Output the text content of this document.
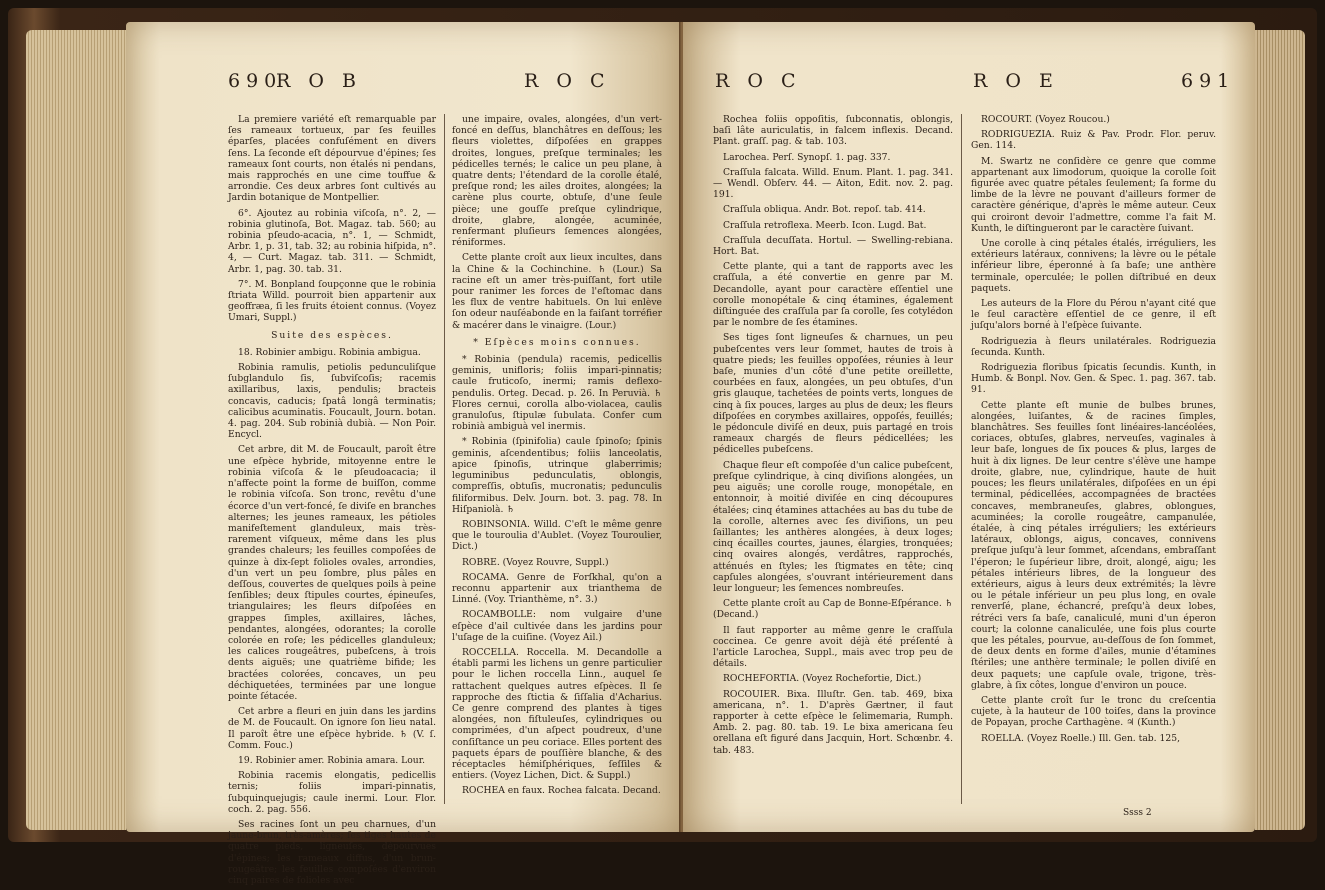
690
R O B	R O C

La premiere variété eſt remarquable par ſes rameaux tortueux, par ſes feuilles éparſes, placées confuſément en divers ſens. La ſeconde eſt dépourvue d'épines; ſes rameaux ſont courts, non étalés ni pendans, mais rapprochés en une cime touffue & arrondie. Ces deux arbres ſont cultivés au Jardin botanique de Montpellier.

6°. Ajoutez au robinia viſcoſa, n°. 2, — robinia glutinoſa, Bot. Magaz. tab. 560; au robinia pſeudo-acacia, n°. 1, — Schmidt, Arbr. 1, p. 31, tab. 32; au robinia hiſpida, n°. 4, — Curt. Magaz. tab. 311. — Schmidt, Arbr. 1, pag. 30. tab. 31.

7°. M. Bonpland ſoupçonne que le robinia ſtriata Willd. pourroit bien appartenir aux geoffræa, ſi les fruits étoient connus. (Voyez Umari, Suppl.)

Suite des espèces.

18. Robinier ambigu. Robinia ambigua.

Robinia ramulis, petiolis pedunculiſque ſubglandulo ſis, ſubviſcoſis; racemis axillaribus, laxis, pendulis; bracteis concavis, caducis; ſpatâ longâ terminatis; calicibus acuminatis. Foucault, Journ. botan. 4. pag. 204. Sub robinià dubià. — Non Poir. Encycl.

Cet arbre, dit M. de Foucault, paroît être une eſpèce hybride, mitoyenne entre le robinia viſcoſa & le pſeudoacacia; il n'affecte point la forme de buiſſon, comme le robinia viſcoſa. Son tronc, revêtu d'une écorce d'un vert-foncé, ſe diviſe en branches alternes; les jeunes rameaux, les pétioles manifeſtement glanduleux, mais très-rarement viſqueux, même dans les plus grandes chaleurs; les feuilles compoſées de quinze à dix-ſept folioles ovales, arrondies, d'un vert un peu ſombre, plus pâles en deſſous, couvertes de quelques poils à peine ſenſibles; deux ſtipules courtes, épineuſes, triangulaires; les fleurs diſpoſées en grappes ſimples, axillaires, lâches, pendantes, alongées, odorantes; la corolle colorée en roſe; les pédicelles glanduleux; les calices rougeâtres, pubeſcens, à trois dents aiguës; une quatrième bifide; les bractées colorées, concaves, un peu déchiquetées, terminées par une longue pointe ſétacée.

Cet arbre a fleuri en juin dans les jardins de M. de Foucault. On ignore ſon lieu natal. Il paroît être une eſpèce hybride. ♄ (V. ſ. Comm. Fouc.)

19. Robinier amer. Robinia amara. Lour.

Robinia racemis elongatis, pedicellis ternis; foliis impari-pinnatis, ſubquinquejugis; caule inermi. Lour. Flor. coch. 2. pag. 556.

Ses racines ſont un peu charnues, d'un jaune-brun, très-amères; ſes tiges hautes de quatre pieds, ligneuſes, dépourvues d'épines; les rameaux diffus, d'un brun-rougeâtre; les feuilles compoſées d'environ cinq paires de folioles avec

une impaire, ovales, alongées, d'un vert-foncé en deſſus, blanchâtres en deſſous; les fleurs violettes, diſpoſées en grappes droites, longues, preſque terminales; les pédicelles ternés; le calice un peu plane, à quatre dents; l'étendard de la corolle étalé, preſque rond; les ailes droites, alongées; la carène plus courte, obtuſe, d'une ſeule pièce; une gouſſe preſque cylindrique, droite, glabre, alongée, acuminée, renfermant pluſieurs ſemences alongées, réniformes.

Cette plante croît aux lieux incultes, dans la Chine & la Cochinchine. ♄ (Lour.) Sa racine eſt un amer très-puiſſant, fort utile pour ranimer les forces de l'eſtomac dans les flux de ventre habituels. On lui enlève ſon odeur nauſéabonde en la faiſant torréfier & macérer dans le vinaigre. (Lour.)

* Eſpèces moins connues.

* Robinia (pendula) racemis, pedicellis geminis, unifloris; foliis impari-pinnatis; caule fruticoſo, inermi; ramis deflexo-pendulis. Orteg. Decad. p. 26. In Peruvià. ♄ Flores cernui, corolla albo-violacea, caulis granuloſus, ſtipulæ ſubulata. Confer cum robinià ambiguà vel inermis.

* Robinia (ſpinifolia) caule ſpinoſo; ſpinis geminis, aſcendentibus; foliis lanceolatis, apice ſpinoſis, utrinque glaberrimis; leguminibus pedunculatis, oblongis, compreſſis, obtuſis, mucronatis; pedunculis filiformibus. Delv. Journ. bot. 3. pag. 78. In Hiſpaniolà. ♄

ROBINSONIA. Willd. C'eſt le même genre que le touroulia d'Aublet. (Voyez Touroulier, Dict.)

ROBRE. (Voyez Rouvre, Suppl.)

ROCAMA. Genre de Forſkhal, qu'on a reconnu appartenir aux trianthema de Linné. (Voy. Trianthème, n°. 3.)

ROCAMBOLLE: nom vulgaire d'une eſpèce d'ail cultivée dans les jardins pour l'uſage de la cuiſine. (Voyez Ail.)

ROCCELLA. Roccella. M. Decandolle a établi parmi les lichens un genre particulier pour le lichen roccella Linn., auquel ſe rattachent quelques autres eſpèces. Il ſe rapproche des ſtictia & ſiſſalia d'Acharius. Ce genre comprend des plantes à tiges alongées, non fiſtuleuſes, cylindriques ou comprimées, d'un aſpect poudreux, d'une conſiſtance un peu coriace. Elles portent des paquets épars de pouſſière blanche, & des réceptacles hémiſphériques, ſeſſiles & entiers. (Voyez Lichen, Dict. & Suppl.)

ROCHEA en faux. Rochea falcata. Decand.

R O C	R O E	691

Rochea foliis oppoſitis, ſubconnatis, oblongis, baſi lâte auriculatis, in falcem inflexis. Decand. Plant. graſſ. pag. & tab. 103.

Larochea. Perſ. Synopſ. 1. pag. 337.

Craſſula falcata. Willd. Enum. Plant. 1. pag. 341. — Wendl. Obſerv. 44. — Aiton, Edit. nov. 2. pag. 191.

Craſſula obliqua. Andr. Bot. repoſ. tab. 414.

Craſſula retroflexa. Meerb. Icon. Lugd. Bat.

Craſſula decuſſata. Hortul. — Swelling-rebiana. Hort. Bat.

Cette plante, qui a tant de rapports avec les craſſula, a été convertie en genre par M. Decandolle, ayant pour caractère eſſentiel une corolle monopétale & cinq étamines, également diſtinguée des craſſula par ſa corolle, ſes cotylédon par le nombre de ſes étamines.

Ses tiges ſont ligneuſes & charnues, un peu pubeſcentes vers leur ſommet, hautes de trois à quatre pieds; les feuilles oppoſées, réunies à leur baſe, munies d'un côté d'une petite oreillette, courbées en faux, alongées, un peu obtuſes, d'un gris glauque, tachetées de points verts, longues de cinq à ſix pouces, larges au plus de deux; les fleurs diſpoſées en corymbes axillaires, oppoſés, feuillés; le pédoncule diviſé en deux, puis partagé en trois rameaux chargés de fleurs pédicellées; les pédicelles pubeſcens.

Chaque fleur eſt compoſée d'un calice pubeſcent, preſque cylindrique, à cinq diviſions alongées, un peu aiguës; une corolle rouge, monopétale, en entonnoir, à moitié diviſée en cinq découpures étalées; cinq étamines attachées au bas du tube de la corolle, alternes avec ſes diviſions, un peu ſaillantes; les anthères alongées, à deux loges; cinq écailles courtes, jaunes, élargies, tronquées; cinq ovaires alongés, verdâtres, rapprochés, atténués en ſtyles; les ſtigmates en tête; cinq capſules alongées, s'ouvrant intérieurement dans leur longueur; les ſemences nombreuſes.

Cette plante croît au Cap de Bonne-Eſpérance. ♄ (Decand.)

Il faut rapporter au même genre le craſſula coccinea. Ce genre avoit déjà été préſenté à l'article Larochea, Suppl., mais avec trop peu de détails.

ROCHEFORTIA. (Voyez Rochefortie, Dict.)

ROCOUIER. Bixa. Illuſtr. Gen. tab. 469, bixa americana, n°. 1. D'après Gærtner, il faut rapporter à cette eſpèce le ſelimemaria, Rumph. Amb. 2. pag. 80. tab. 19. Le bixa americana ſeu orellana eſt figuré dans Jacquin, Hort. Schœnbr. 4. tab. 483.

ROCOURT. (Voyez Roucou.)

RODRIGUEZIA. Ruiz & Pav. Prodr. Flor. peruv. Gen. 114.

M. Swartz ne conſidère ce genre que comme appartenant aux limodorum, quoique la corolle ſoit figurée avec quatre pétales ſeulement; ſa forme du limbe de la lèvre ne pouvant d'ailleurs former de caractère générique, d'après le même auteur. Ceux qui croiront devoir l'admettre, comme l'a fait M. Kunth, le diſtingueront par le caractère ſuivant.

Une corolle à cinq pétales étalés, irréguliers, les extérieurs latéraux, connivens; la lèvre ou le pétale inférieur libre, éperonné à ſa baſe; une anthère terminale, operculée; le pollen diſtribué en deux paquets.

Les auteurs de la Flore du Pérou n'ayant cité que le ſeul caractère eſſentiel de ce genre, il eſt juſqu'alors borné à l'eſpèce ſuivante.

Rodriguezia à fleurs unilatérales. Rodriguezia ſecunda. Kunth.

Rodriguezia floribus ſpicatis ſecundis. Kunth, in Humb. & Bonpl. Nov. Gen. & Spec. 1. pag. 367. tab. 91.

Cette plante eſt munie de bulbes brunes, alongées, luiſantes, & de racines ſimples, blanchâtres. Ses feuilles ſont linéaires-lancéolées, coriaces, obtuſes, glabres, nerveuſes, vaginales à leur baſe, longues de ſix pouces & plus, larges de huit à dix lignes. De leur centre s'élève une hampe droite, glabre, nue, cylindrique, haute de huit pouces; les fleurs unilatérales, diſpoſées en un épi terminal, pédicellées, accompagnées de bractées concaves, membraneuſes, glabres, oblongues, acuminées; la corolle rougeâtre, campanulée, étalée, à cinq pétales irréguliers; les extérieurs latéraux, oblongs, aigus, concaves, connivens preſque juſqu'à leur ſommet, aſcendans, embraſſant l'éperon; le ſupérieur libre, droit, alongé, aigu; les pétales intérieurs libres, de la longueur des extérieurs, aigus à leurs deux extrémités; la lèvre ou le pétale inférieur un peu plus long, en ovale renverſé, plane, échancré, preſqu'à deux lobes, rétréci vers ſa baſe, canaliculé, muni d'un éperon court; la colonne canaliculée, une fois plus courte que les pétales, pourvue, au-deſſous de ſon ſommet, de deux dents en forme d'ailes, munie d'étamines ſtériles; une anthère terminale; le pollen diviſé en deux paquets; une capſule ovale, trigone, très-glabre, à ſix côtes, longue d'environ un pouce.

Cette plante croît ſur le tronc du creſcentia cujete, à la hauteur de 100 toiſes, dans la province de Popayan, proche Carthagène. ♃ (Kunth.)

ROELLA. (Voyez Roelle.) Ill. Gen. tab. 125,

Ssss 2
